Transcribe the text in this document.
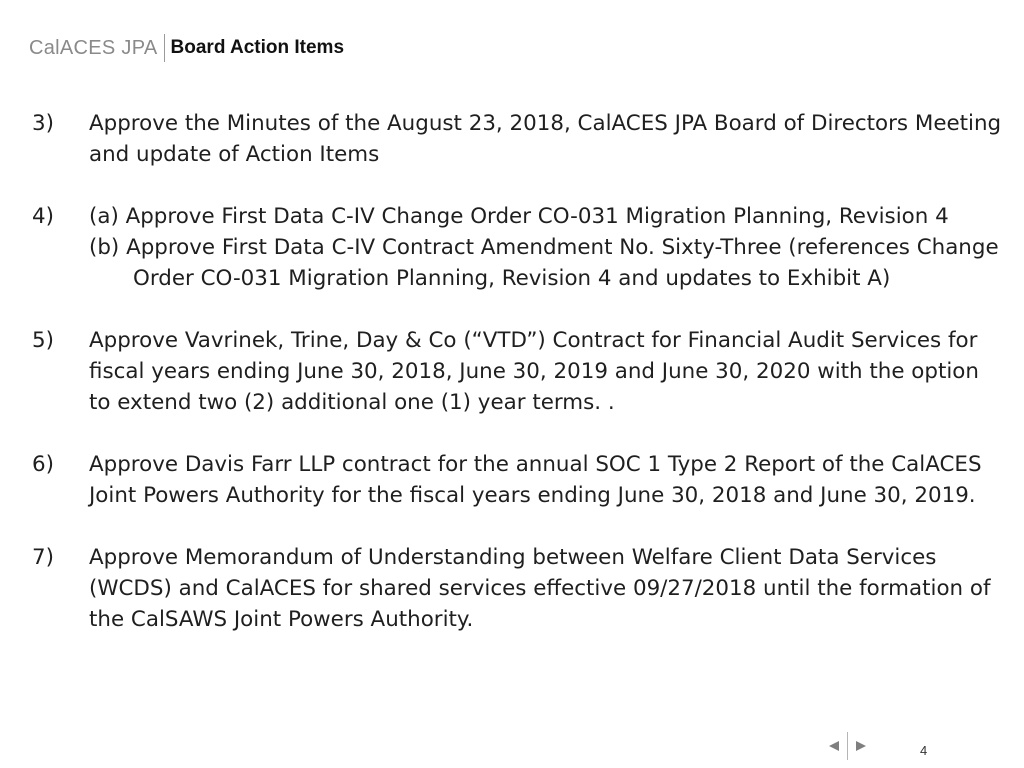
CalACES JPA Board Action Items
3) Approve the Minutes of the August 23, 2018, CalACES JPA Board of Directors Meeting and update of Action Items
4) (a) Approve First Data C-IV Change Order CO-031 Migration Planning, Revision 4
(b) Approve First Data C-IV Contract Amendment No. Sixty-Three (references Change Order CO-031 Migration Planning, Revision 4 and updates to Exhibit A)
5) Approve Vavrinek, Trine, Day & Co (“VTD”) Contract for Financial Audit Services for fiscal years ending June 30, 2018, June 30, 2019 and June 30, 2020 with the option to extend two (2) additional one (1) year terms. .
6) Approve Davis Farr LLP contract for the annual SOC 1 Type 2 Report of the CalACES Joint Powers Authority for the fiscal years ending June 30, 2018 and June 30, 2019.
7) Approve Memorandum of Understanding between Welfare Client Data Services (WCDS) and CalACES for shared services effective 09/27/2018 until the formation of the CalSAWS Joint Powers Authority.
4
